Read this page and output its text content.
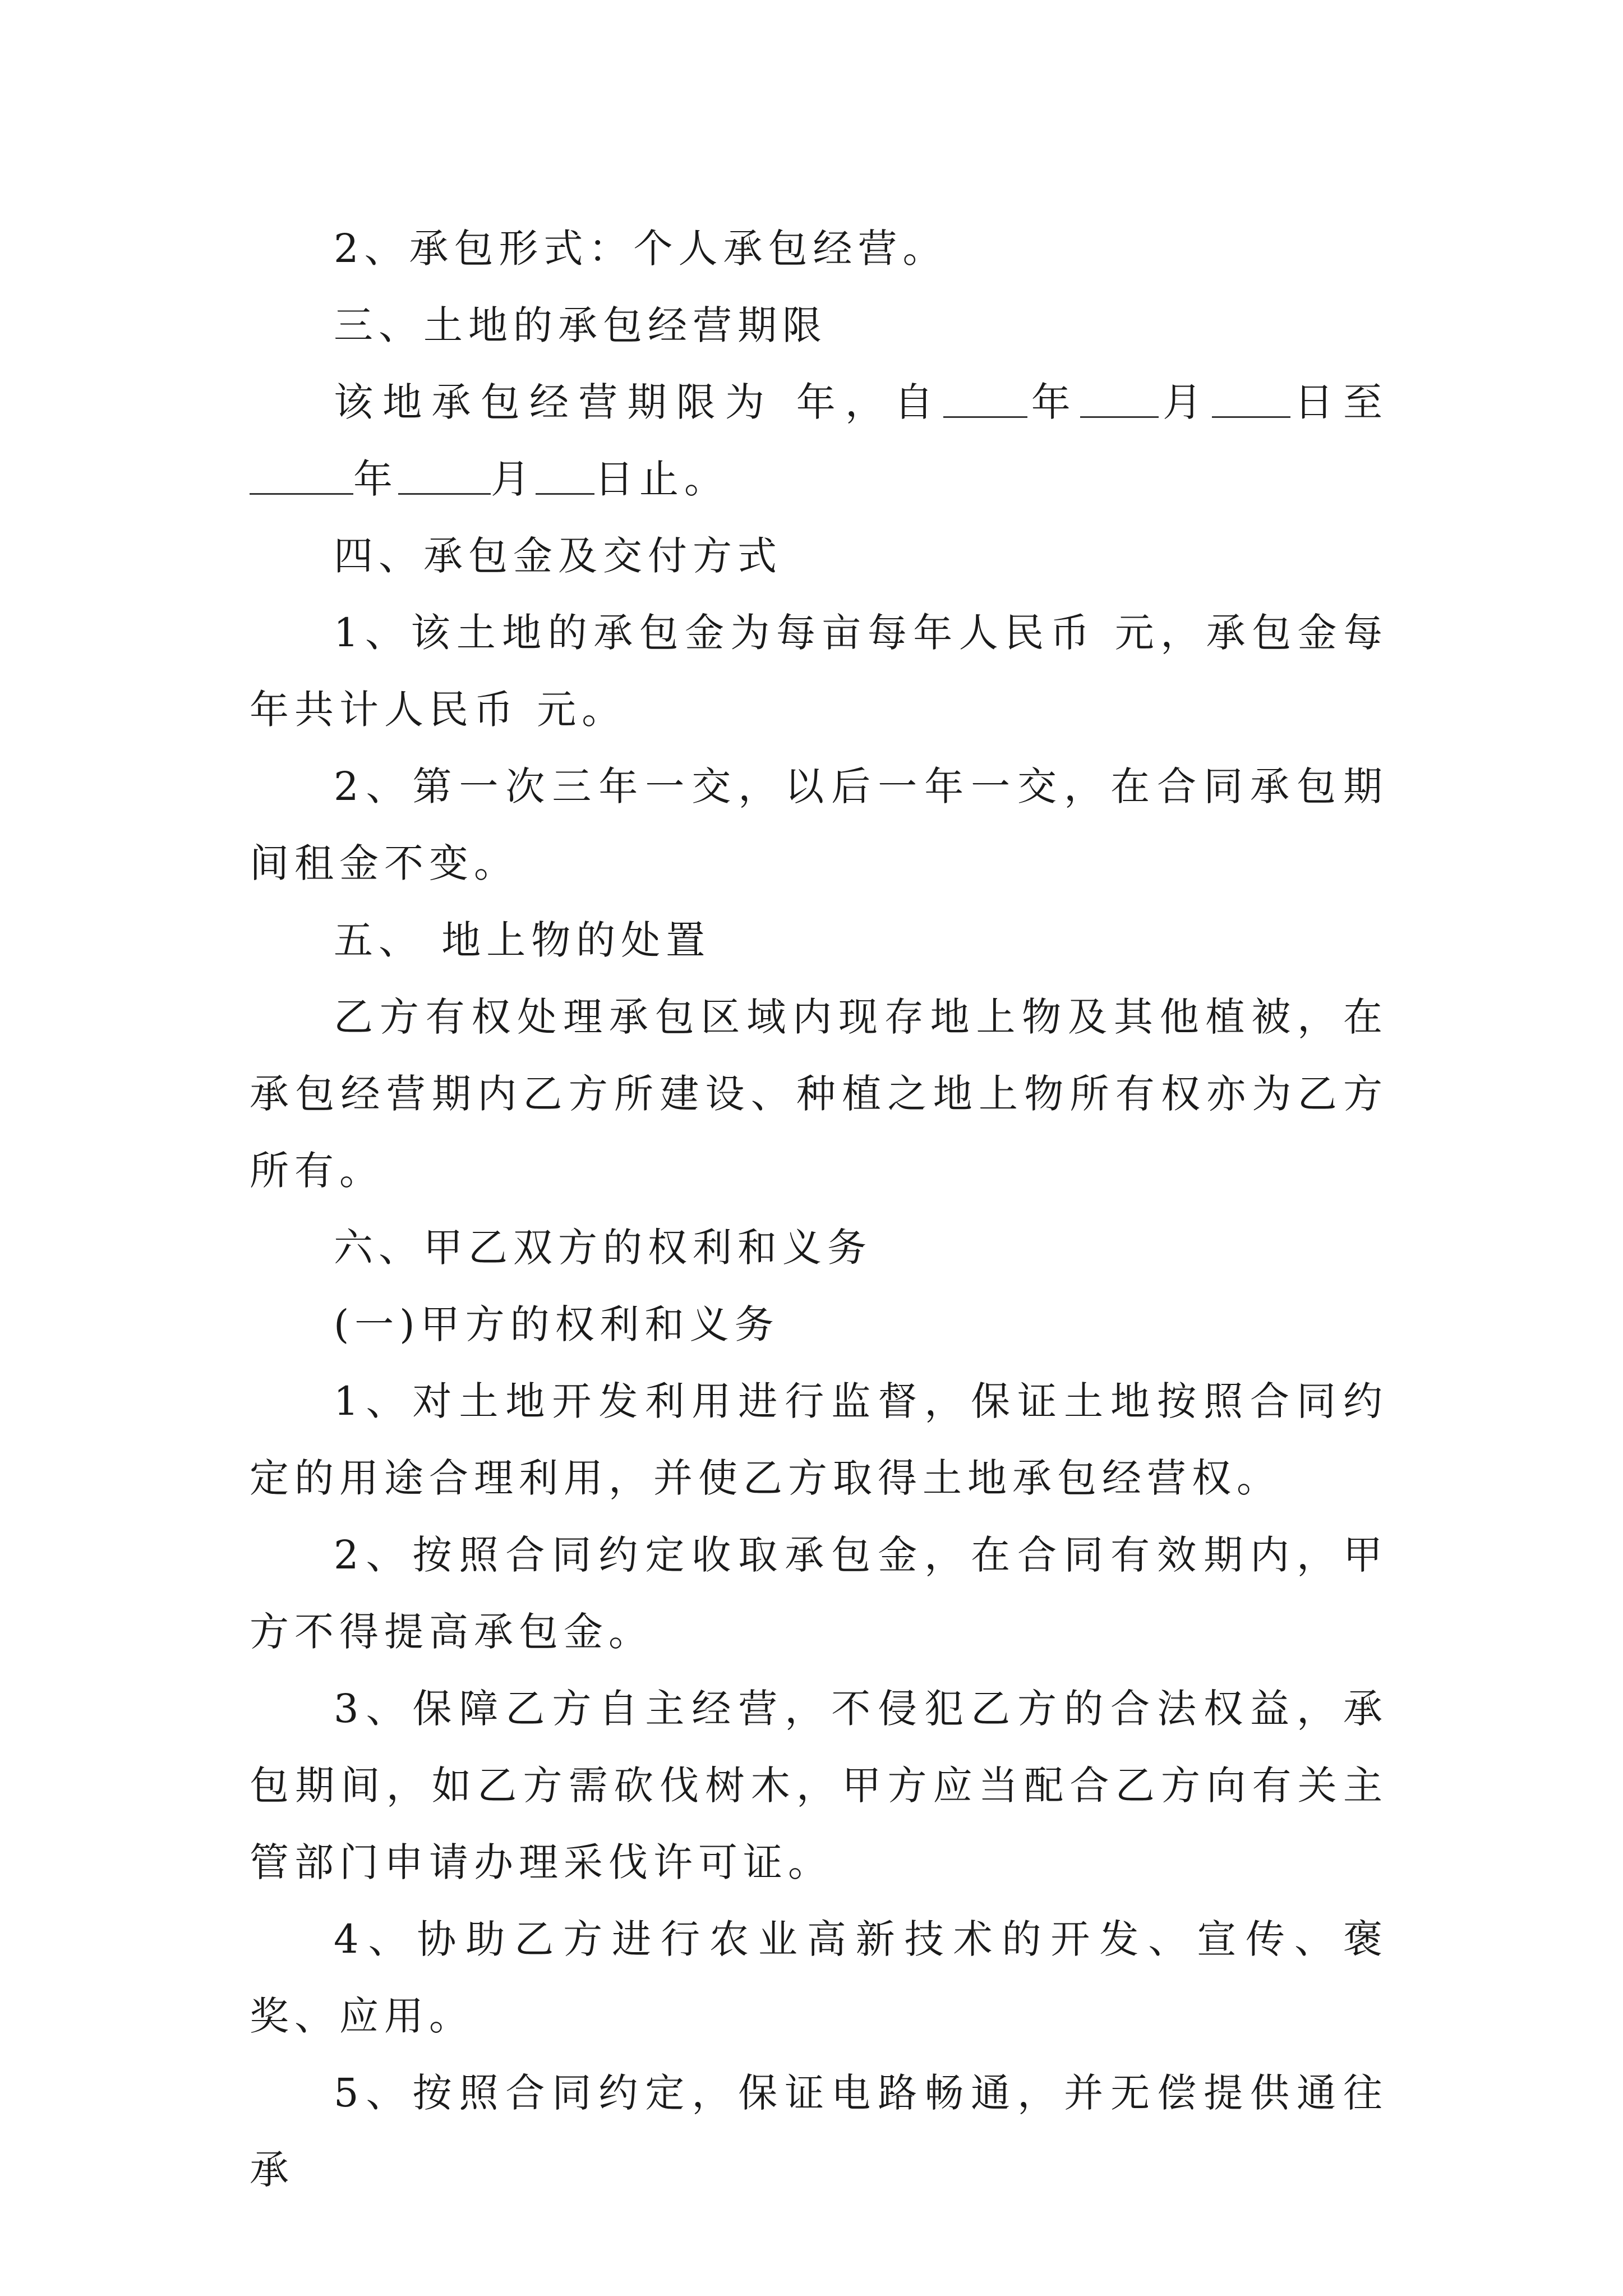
2、承包形式：个人承包经营。

三、土地的承包经营期限

该地承包经营期限为 年，自 年 月 日至年 月 日止。

四、承包金及交付方式

1、该土地的承包金为每亩每年人民币 元，承包金每年共计人民币 元。

2、第一次三年一交，以后一年一交，在合同承包期间租金不变。

五、 地上物的处置

乙方有权处理承包区域内现存地上物及其他植被，在承包经营期内乙方所建设、种植之地上物所有权亦为乙方所有。

六、甲乙双方的权利和义务

(一)甲方的权利和义务

1、对土地开发利用进行监督，保证土地按照合同约定的用途合理利用，并使乙方取得土地承包经营权。

2、按照合同约定收取承包金，在合同有效期内，甲方不得提高承包金。

3、保障乙方自主经营，不侵犯乙方的合法权益，承包期间，如乙方需砍伐树木，甲方应当配合乙方向有关主管部门申请办理采伐许可证。

4、协助乙方进行农业高新技术的开发、宣传、褒奖、应用。

5、按照合同约定，保证电路畅通，并无偿提供通往承
